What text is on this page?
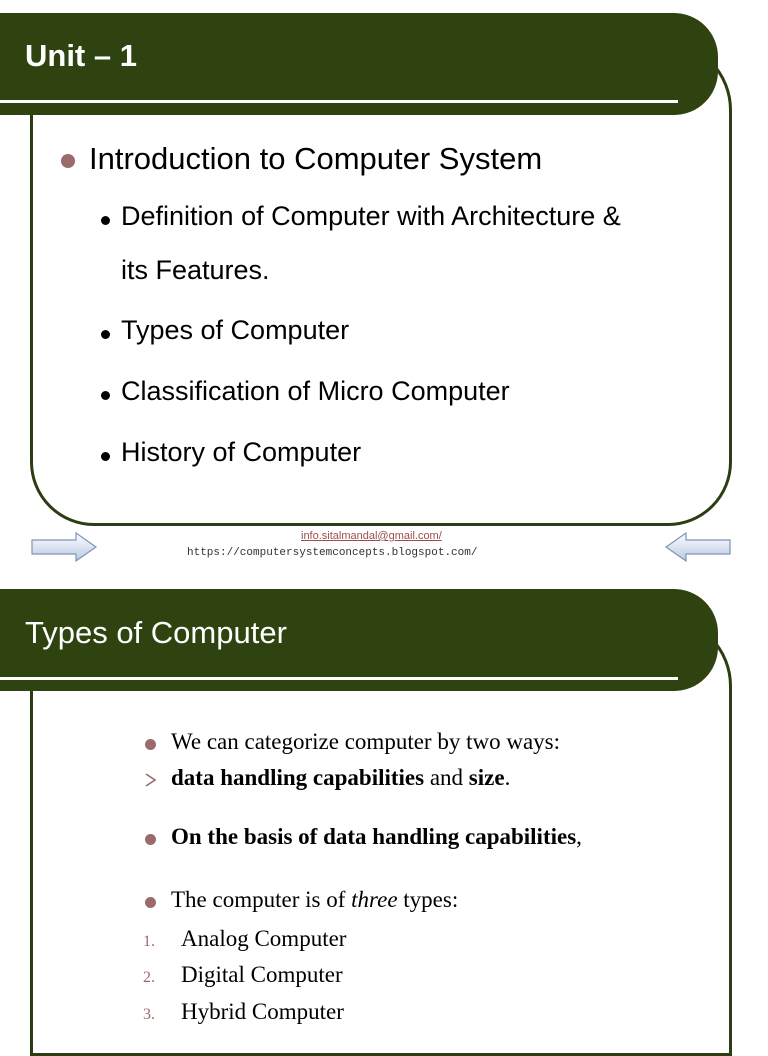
Unit – 1
Introduction to Computer System
Definition of Computer with Architecture &
its Features.
Types of Computer
Classification of Micro Computer
History of Computer
info.sitalmandal@gmail.com/
https://computersystemconcepts.blogspot.com/
Types of Computer
We can categorize computer by two ways:
data handling capabilities and size.
On the basis of data handling capabilities,
The computer is of three types:
1. Analog Computer
2. Digital Computer
3. Hybrid Computer
